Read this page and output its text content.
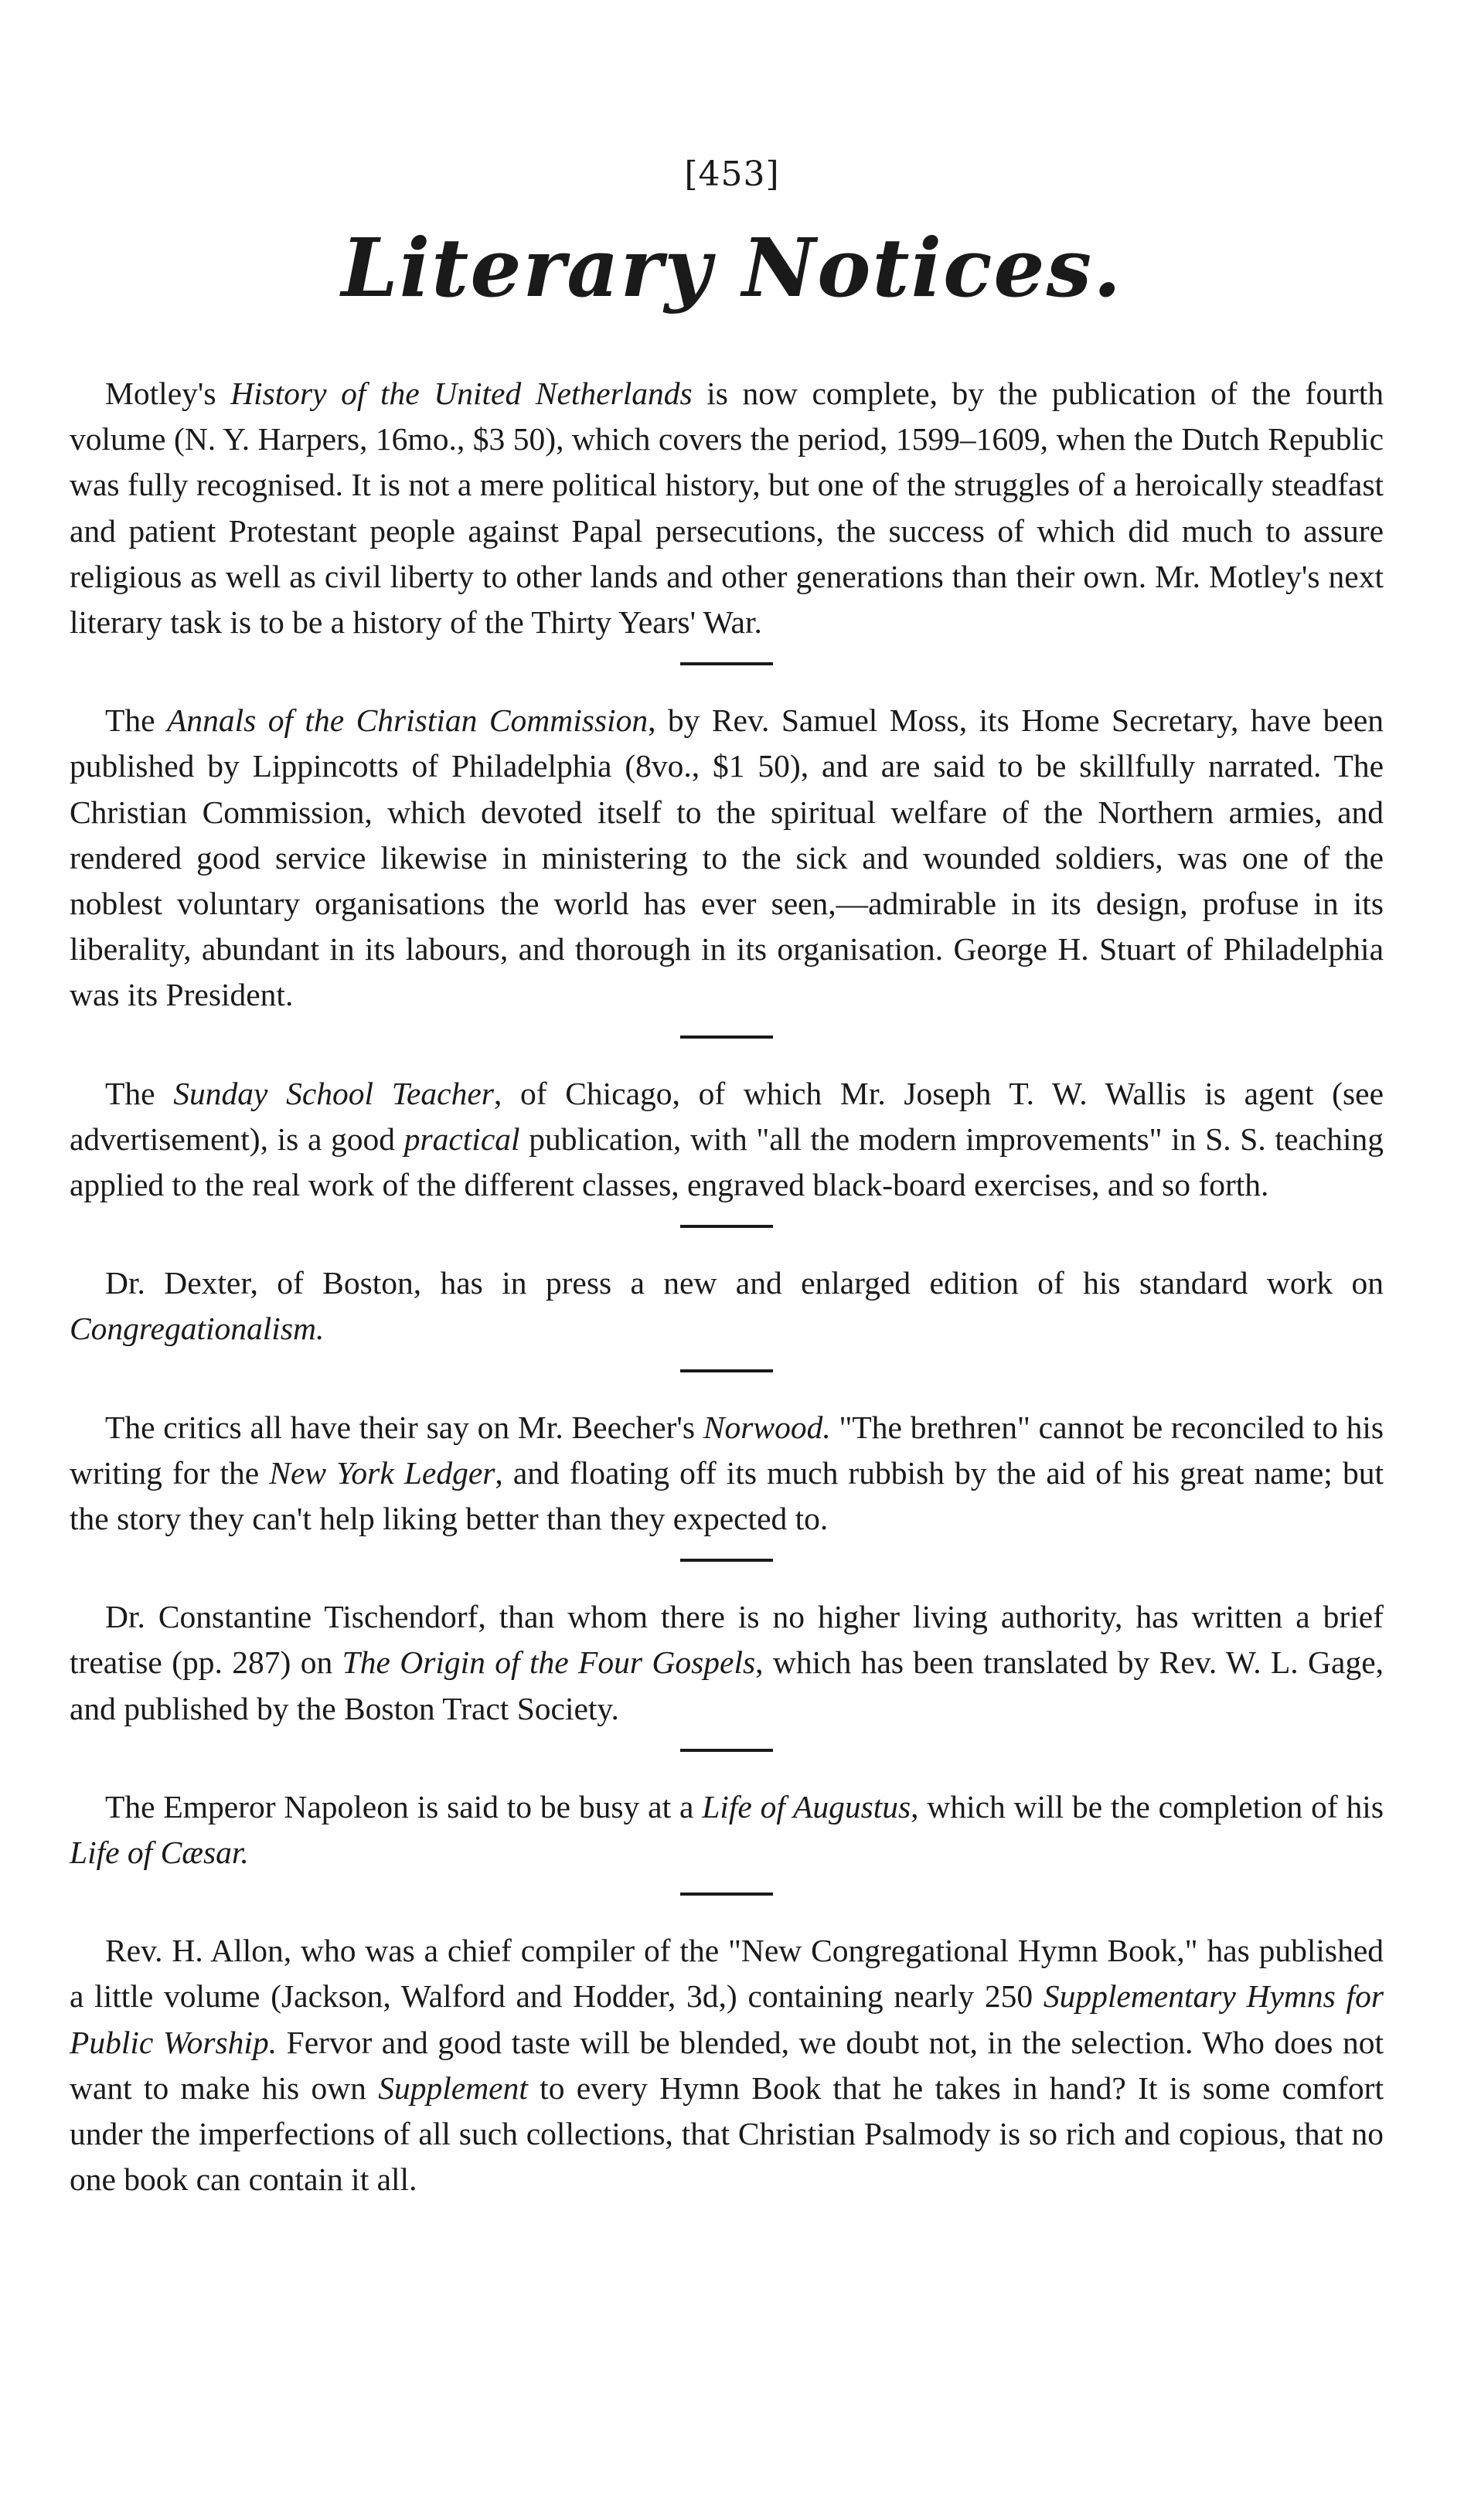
[453]
Literary Notices.

Motley's History of the United Netherlands is now complete, by the publication of the fourth volume (N. Y. Harpers, 16mo., $3 50), which covers the period, 1599–1609, when the Dutch Republic was fully recognised. It is not a mere political history, but one of the struggles of a heroically steadfast and patient Protestant people against Papal persecutions, the success of which did much to assure religious as well as civil liberty to other lands and other generations than their own. Mr. Motley's next literary task is to be a history of the Thirty Years' War.

The Annals of the Christian Commission, by Rev. Samuel Moss, its Home Secretary, have been published by Lippincotts of Philadelphia (8vo., $1 50), and are said to be skillfully narrated. The Christian Commission, which devoted itself to the spiritual welfare of the Northern armies, and rendered good service likewise in ministering to the sick and wounded soldiers, was one of the noblest voluntary organisations the world has ever seen,—admirable in its design, profuse in its liberality, abundant in its labours, and thorough in its organisation. George H. Stuart of Philadelphia was its President.

The Sunday School Teacher, of Chicago, of which Mr. Joseph T. W. Wallis is agent (see advertisement), is a good practical publication, with "all the modern improvements" in S. S. teaching applied to the real work of the different classes, engraved black-board exercises, and so forth.

Dr. Dexter, of Boston, has in press a new and enlarged edition of his standard work on Congregationalism.

The critics all have their say on Mr. Beecher's Norwood. "The brethren" cannot be reconciled to his writing for the New York Ledger, and floating off its much rubbish by the aid of his great name; but the story they can't help liking better than they expected to.

Dr. Constantine Tischendorf, than whom there is no higher living authority, has written a brief treatise (pp. 287) on The Origin of the Four Gospels, which has been translated by Rev. W. L. Gage, and published by the Boston Tract Society.

The Emperor Napoleon is said to be busy at a Life of Augustus, which will be the completion of his Life of Cæsar.

Rev. H. Allon, who was a chief compiler of the "New Congregational Hymn Book," has published a little volume (Jackson, Walford and Hodder, 3d,) containing nearly 250 Supplementary Hymns for Public Worship. Fervor and good taste will be blended, we doubt not, in the selection. Who does not want to make his own Supplement to every Hymn Book that he takes in hand? It is some comfort under the imperfections of all such collections, that Christian Psalmody is so rich and copious, that no one book can contain it all.
